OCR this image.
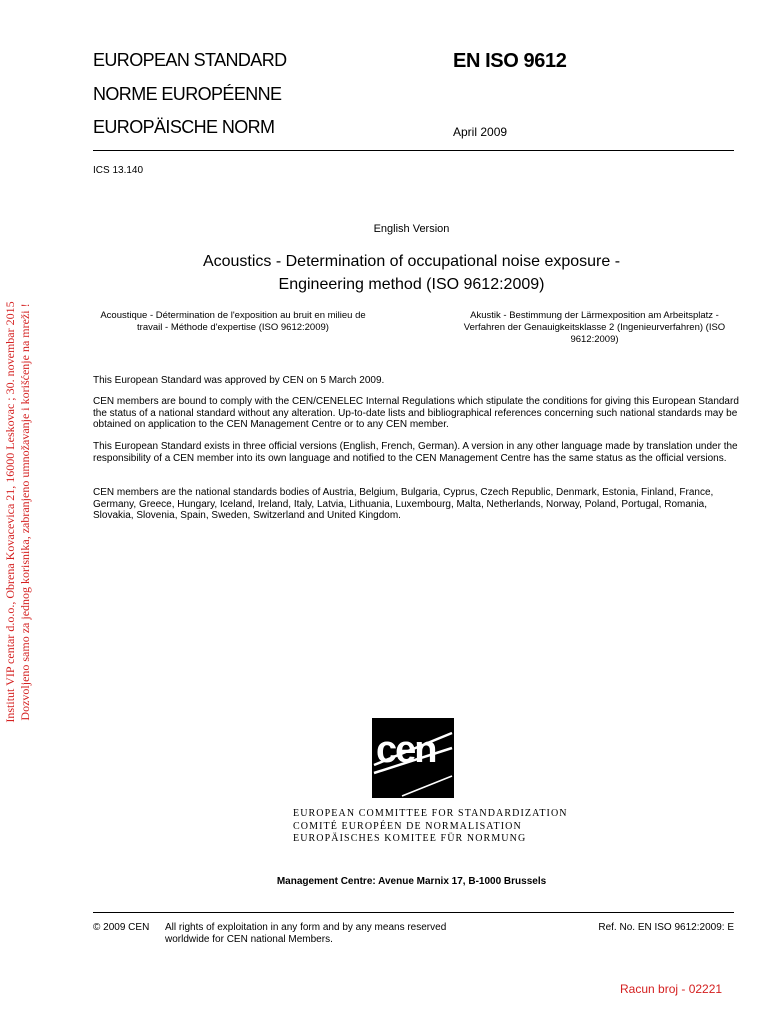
EUROPEAN STANDARD
NORME EUROPÉENNE
EUROPÄISCHE NORM
EN ISO 9612
April 2009
ICS 13.140
English Version
Acoustics - Determination of occupational noise exposure -
Engineering method (ISO 9612:2009)
Acoustique - Détermination de l'exposition au bruit en milieu de travail - Méthode d'expertise (ISO 9612:2009)
Akustik - Bestimmung der Lärmexposition am Arbeitsplatz - Verfahren der Genauigkeitsklasse 2 (Ingenieurverfahren) (ISO 9612:2009)
This European Standard was approved by CEN on 5 March 2009.
CEN members are bound to comply with the CEN/CENELEC Internal Regulations which stipulate the conditions for giving this European Standard the status of a national standard without any alteration. Up-to-date lists and bibliographical references concerning such national standards may be obtained on application to the CEN Management Centre or to any CEN member.
This European Standard exists in three official versions (English, French, German). A version in any other language made by translation under the responsibility of a CEN member into its own language and notified to the CEN Management Centre has the same status as the official versions.
CEN members are the national standards bodies of Austria, Belgium, Bulgaria, Cyprus, Czech Republic, Denmark, Estonia, Finland, France, Germany, Greece, Hungary, Iceland, Ireland, Italy, Latvia, Lithuania, Luxembourg, Malta, Netherlands, Norway, Poland, Portugal, Romania, Slovakia, Slovenia, Spain, Sweden, Switzerland and United Kingdom.
Institut VIP centar d.o.o., Obrena Kovacevica 21, 16000 Leskovac ; 30. novembar 2015 Dozvoljeno samo za jednog korisnika, zabranjeno umnožavanje i korišćenje na mreži !
cen
EUROPEAN COMMITTEE FOR STANDARDIZATION
COMITÉ EUROPÉEN DE NORMALISATION
EUROPÄISCHES KOMITEE FÜR NORMUNG
Management Centre: Avenue Marnix 17, B-1000 Brussels
© 2009 CEN All rights of exploitation in any form and by any means reserved worldwide for CEN national Members.
Ref. No. EN ISO 9612:2009: E
Racun broj - 02221
